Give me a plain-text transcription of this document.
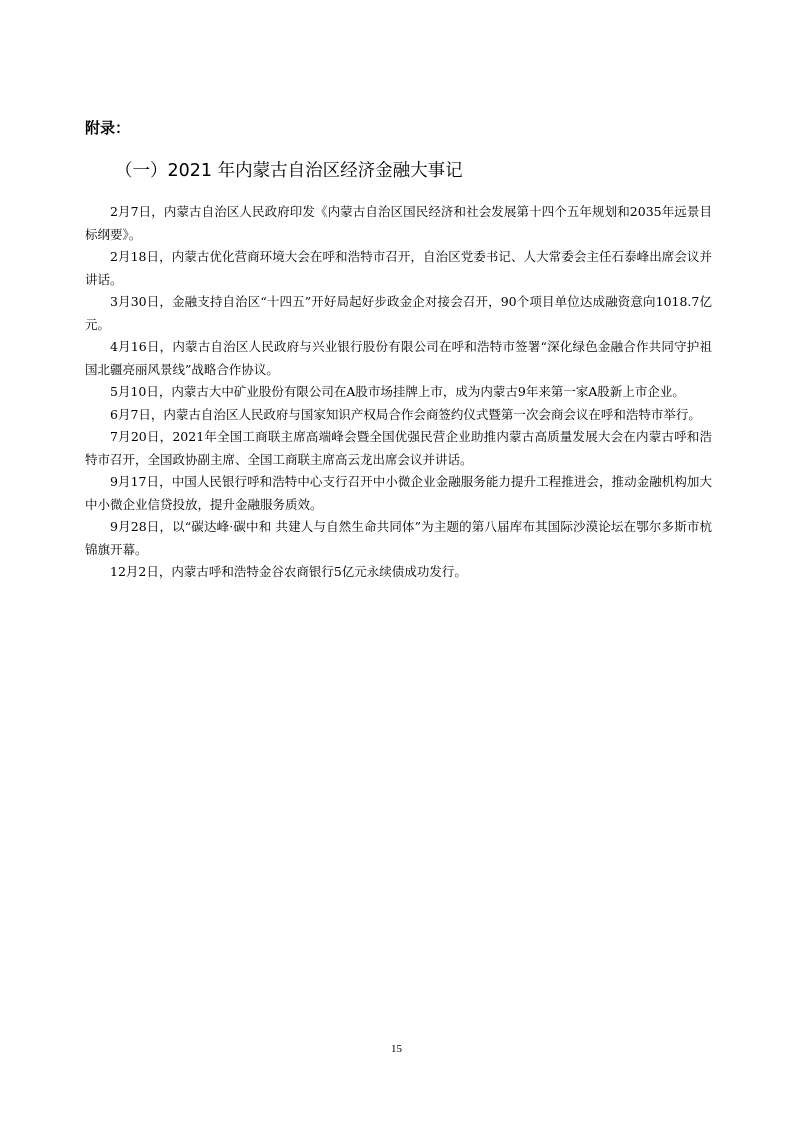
附录：
（一）2021 年内蒙古自治区经济金融大事记

2月7日，内蒙古自治区人民政府印发《内蒙古自治区国民经济和社会发展第十四个五年规划和2035年远景目标纲要》。

2月18日，内蒙古优化营商环境大会在呼和浩特市召开，自治区党委书记、人大常委会主任石泰峰出席会议并讲话。

3月30日，金融支持自治区“十四五”开好局起好步政金企对接会召开，90个项目单位达成融资意向1018.7亿元。

4月16日，内蒙古自治区人民政府与兴业银行股份有限公司在呼和浩特市签署“深化绿色金融合作共同守护祖国北疆亮丽风景线”战略合作协议。

5月10日，内蒙古大中矿业股份有限公司在A股市场挂牌上市，成为内蒙古9年来第一家A股新上市企业。

6月7日，内蒙古自治区人民政府与国家知识产权局合作会商签约仪式暨第一次会商会议在呼和浩特市举行。

7月20日，2021年全国工商联主席高端峰会暨全国优强民营企业助推内蒙古高质量发展大会在内蒙古呼和浩特市召开，全国政协副主席、全国工商联主席高云龙出席会议并讲话。

9月17日，中国人民银行呼和浩特中心支行召开中小微企业金融服务能力提升工程推进会，推动金融机构加大中小微企业信贷投放，提升金融服务质效。

9月28日，以“碳达峰·碳中和 共建人与自然生命共同体”为主题的第八届库布其国际沙漠论坛在鄂尔多斯市杭锦旗开幕。

12月2日，内蒙古呼和浩特金谷农商银行5亿元永续债成功发行。

15
